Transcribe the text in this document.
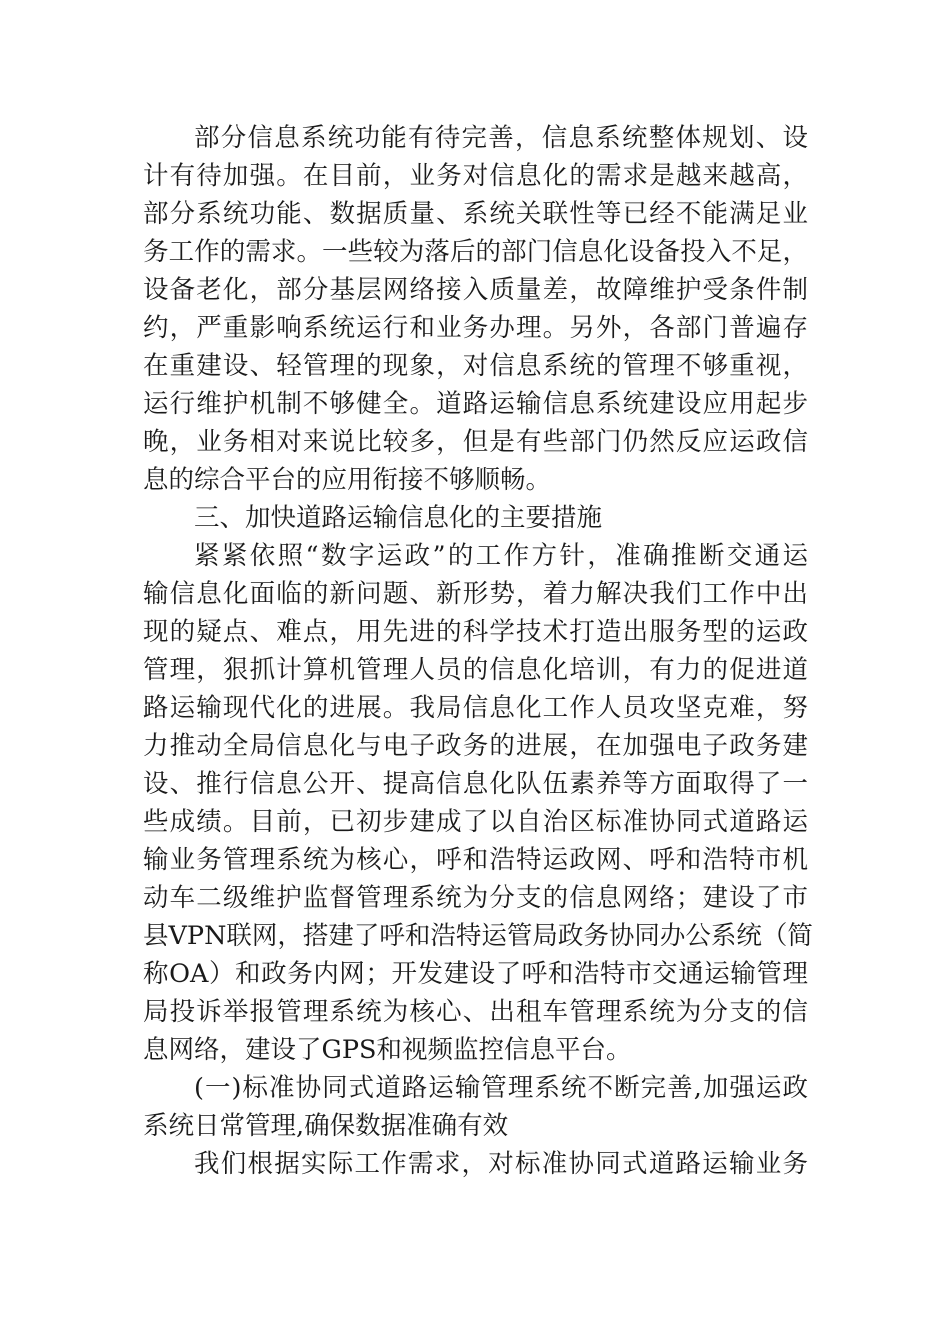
部分信息系统功能有待完善，信息系统整体规划、设
计有待加强。在目前，业务对信息化的需求是越来越高，
部分系统功能、数据质量、系统关联性等已经不能满足业
务工作的需求。一些较为落后的部门信息化设备投入不足，
设备老化，部分基层网络接入质量差，故障维护受条件制
约，严重影响系统运行和业务办理。另外，各部门普遍存
在重建设、轻管理的现象，对信息系统的管理不够重视，
运行维护机制不够健全。道路运输信息系统建设应用起步
晚，业务相对来说比较多，但是有些部门仍然反应运政信
息的综合平台的应用衔接不够顺畅。
三、加快道路运输信息化的主要措施
紧紧依照“数字运政”的工作方针，准确推断交通运
输信息化面临的新问题、新形势，着力解决我们工作中出
现的疑点、难点，用先进的科学技术打造出服务型的运政
管理，狠抓计算机管理人员的信息化培训，有力的促进道
路运输现代化的进展。我局信息化工作人员攻坚克难，努
力推动全局信息化与电子政务的进展，在加强电子政务建
设、推行信息公开、提高信息化队伍素养等方面取得了一
些成绩。目前，已初步建成了以自治区标准协同式道路运
输业务管理系统为核心，呼和浩特运政网、呼和浩特市机
动车二级维护监督管理系统为分支的信息网络；建设了市
县VPN联网，搭建了呼和浩特运管局政务协同办公系统（简
称OA）和政务内网；开发建设了呼和浩特市交通运输管理
局投诉举报管理系统为核心、出租车管理系统为分支的信
息网络，建设了GPS和视频监控信息平台。
(一)标准协同式道路运输管理系统不断完善,加强运政
系统日常管理,确保数据准确有效
我们根据实际工作需求，对标准协同式道路运输业务
